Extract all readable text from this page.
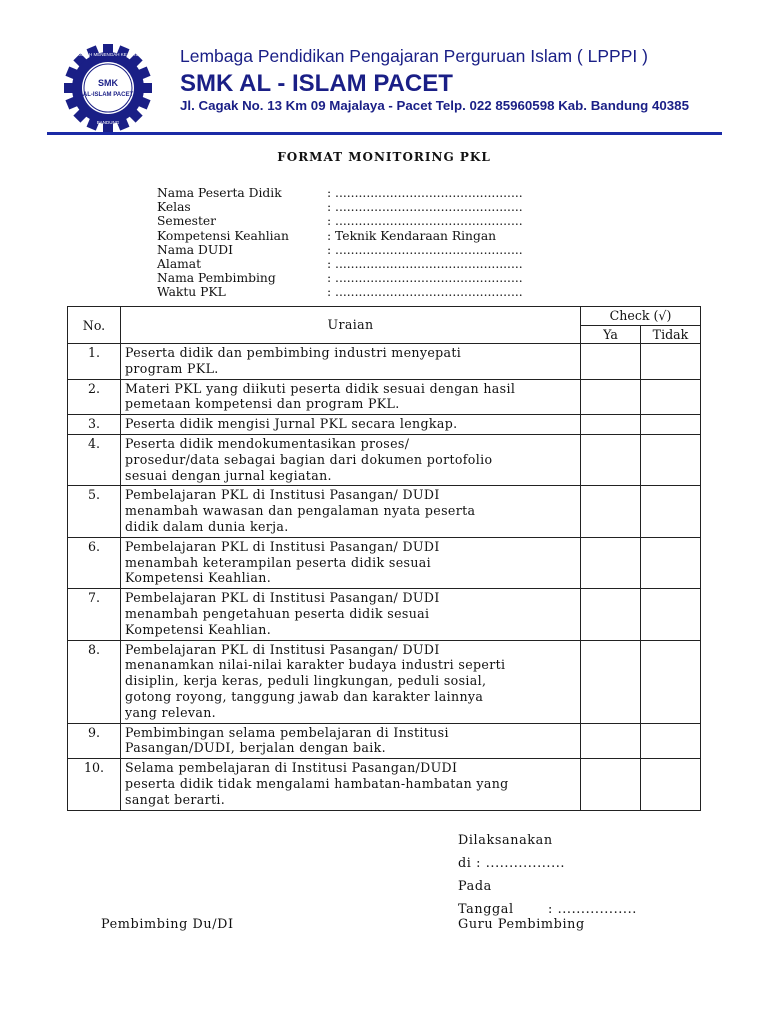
SEKOLAH MENENGAH KEJURUAN
SMK
AL-ISLAM PACET
BANDUNG
Lembaga Pendidikan Pengajaran Perguruan Islam ( LPPPI )
SMK AL - ISLAM PACET
Jl. Cagak No. 13 Km 09 Majalaya - Pacet Telp. 022 85960598 Kab. Bandung 40385
FORMAT MONITORING PKL
Nama Peserta Didik	: ................................................
Kelas	: ................................................
Semester	: ................................................
Kompetensi Keahlian	: Teknik Kendaraan Ringan
Nama DUDI	: ................................................
Alamat	: ................................................
Nama Pembimbing	: ................................................
Waktu PKL	: ................................................
No.	Uraian	Check (√)	
		Ya	Tidak
1.	Peserta didik dan pembimbing industri menyepati
program PKL.		

2.	Materi PKL yang diikuti peserta didik sesuai dengan hasil
pemetaan kompetensi dan program PKL.		

3.	Peserta didik mengisi Jurnal PKL secara lengkap.		

4.	Peserta didik mendokumentasikan proses/
prosedur/data sebagai bagian dari dokumen portofolio
sesuai dengan jurnal kegiatan.		

5.	Pembelajaran PKL di Institusi Pasangan/ DUDI
menambah wawasan dan pengalaman nyata peserta
didik dalam dunia kerja.		

6.	Pembelajaran PKL di Institusi Pasangan/ DUDI
menambah keterampilan peserta didik sesuai
Kompetensi Keahlian.		

7.	Pembelajaran PKL di Institusi Pasangan/ DUDI
menambah pengetahuan peserta didik sesuai
Kompetensi Keahlian.		

8.	Pembelajaran PKL di Institusi Pasangan/ DUDI
menanamkan nilai-nilai karakter budaya industri seperti
disiplin, kerja keras, peduli lingkungan, peduli sosial,
gotong royong, tanggung jawab dan karakter lainnya
yang relevan.		

9.	Pembimbingan selama pembelajaran di Institusi
Pasangan/DUDI, berjalan dengan baik.		

10.	Selama pembelajaran di Institusi Pasangan/DUDI
peserta didik tidak mengalami hambatan-hambatan yang
sangat berarti.		

Dilaksanakan
di : .................
Pada
Tanggal	: .................
Pembimbing Du/DI	Guru Pembimbing
